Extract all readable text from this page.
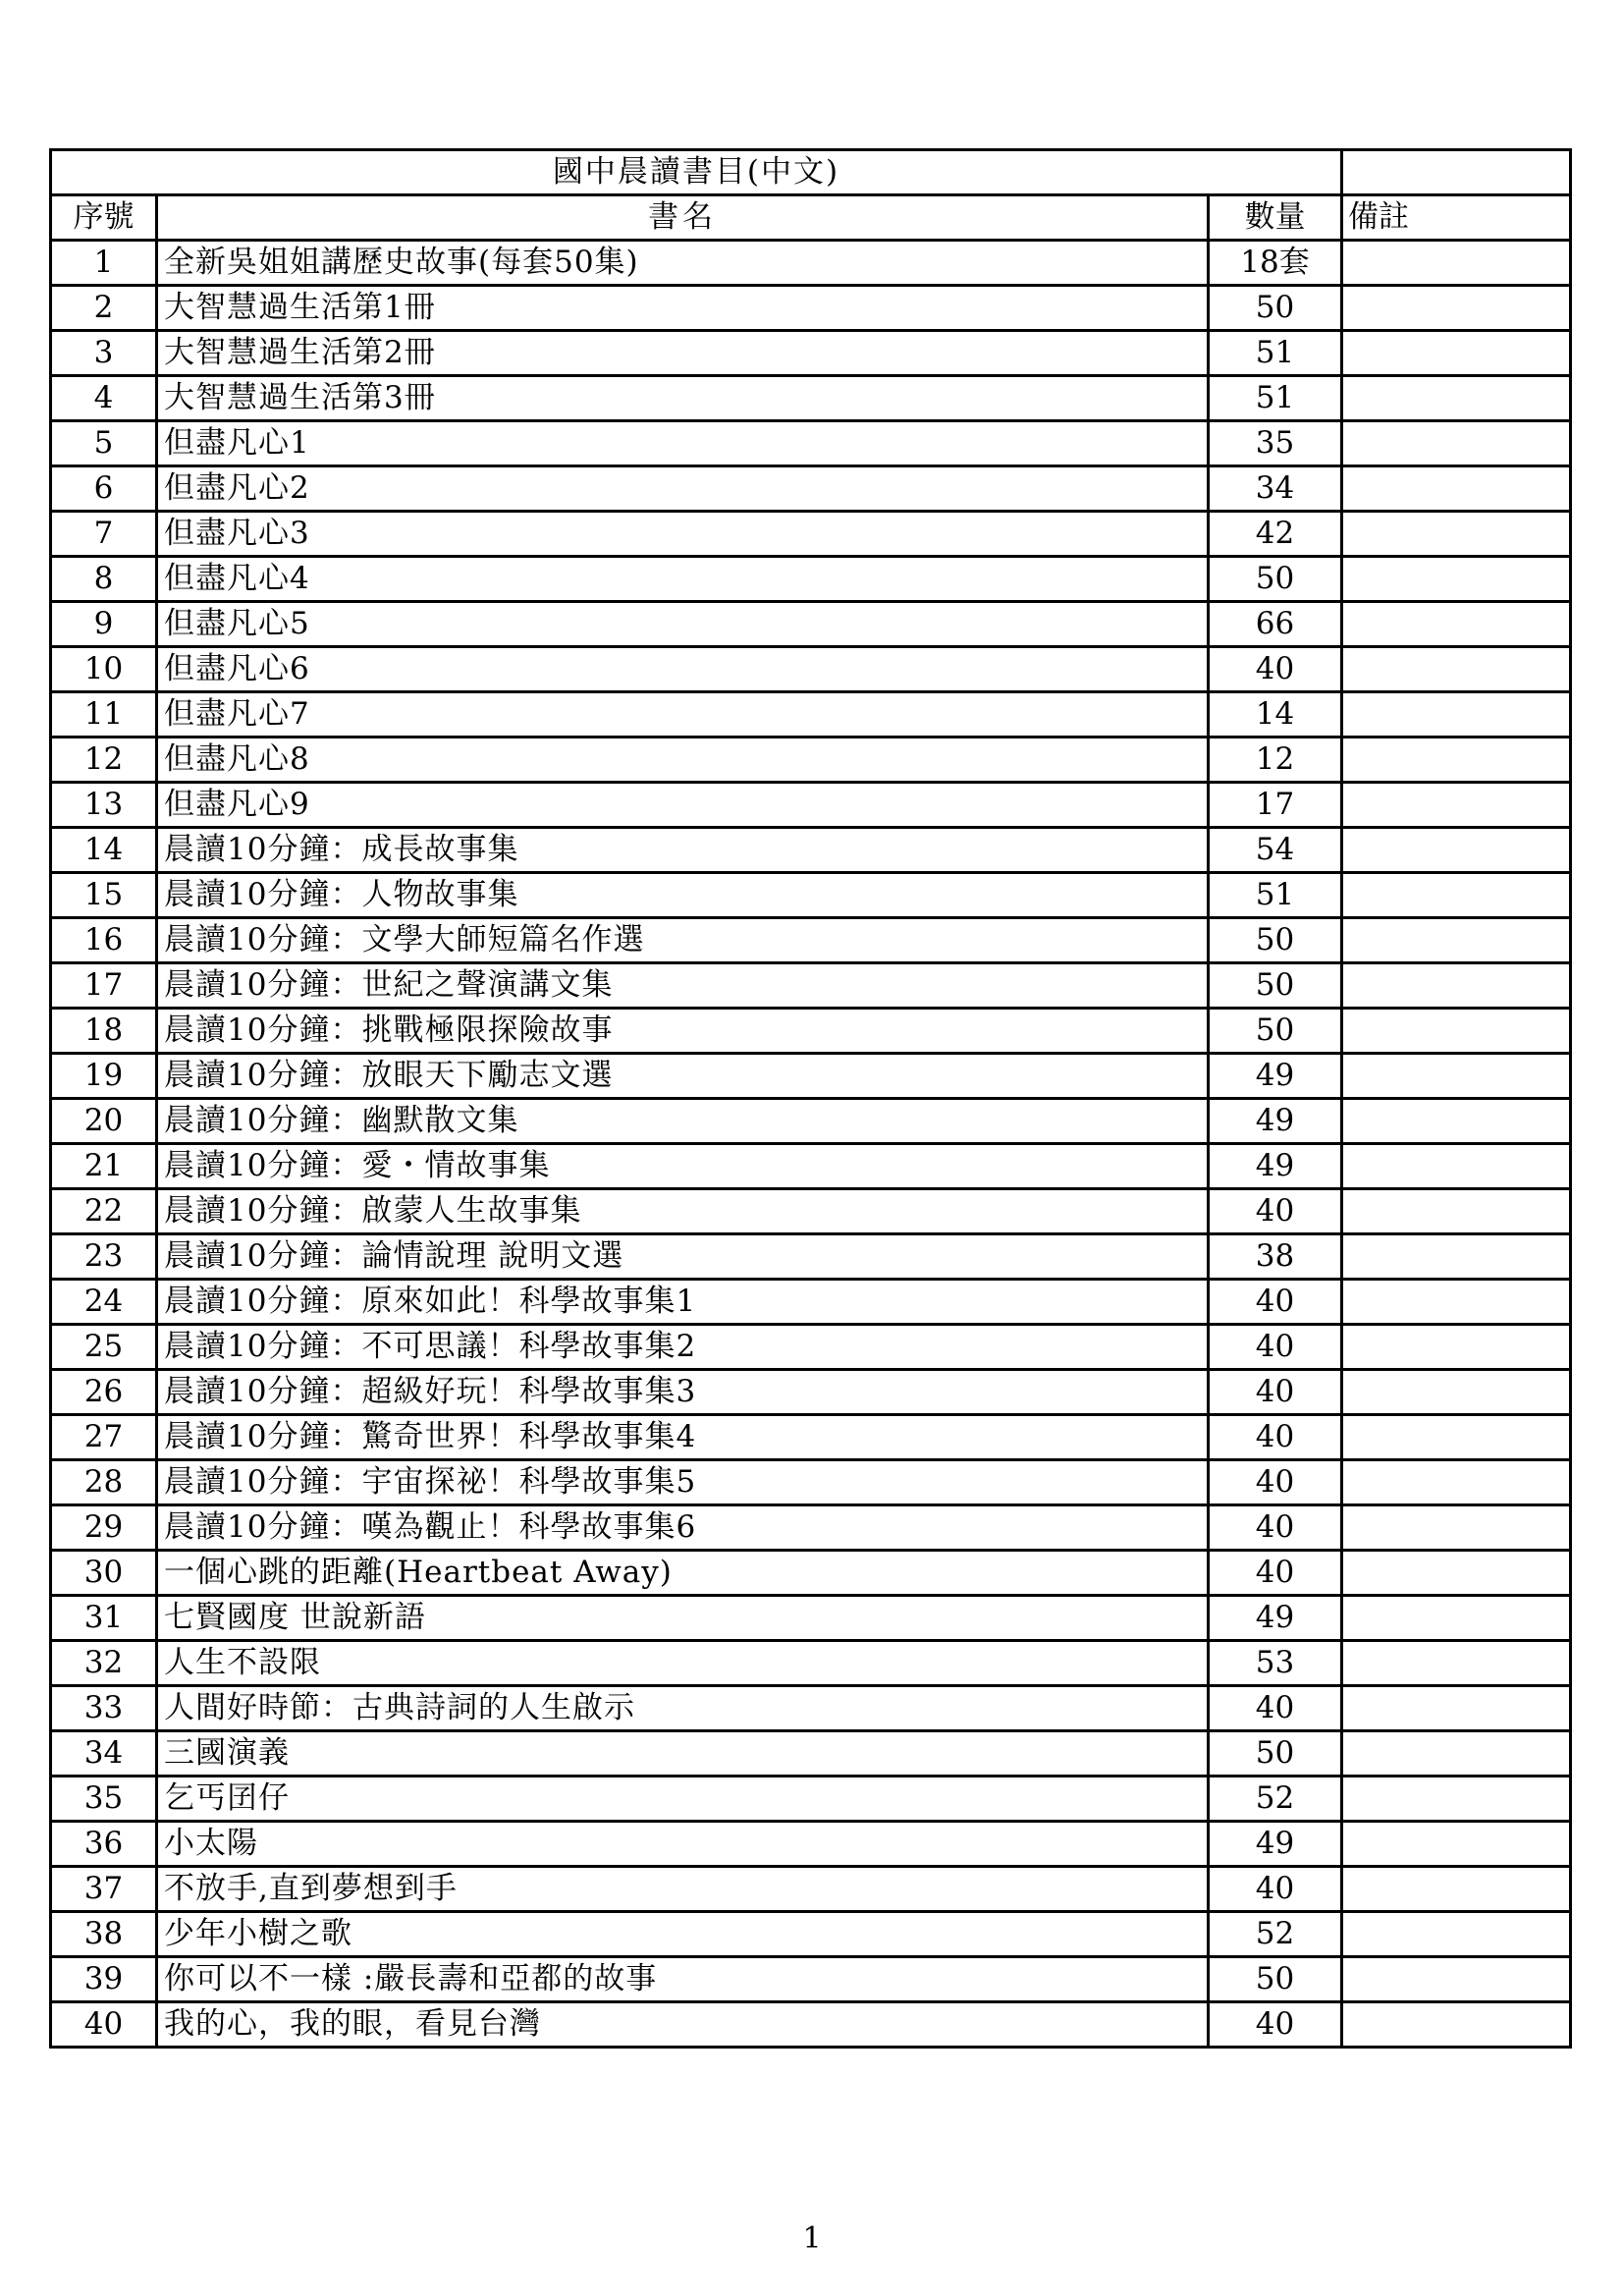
國中晨讀書目(中文)			
序號	書名	數量	備註
1	全新吳姐姐講歷史故事(每套50集)	18套	
2	大智慧過生活第1冊	50	
3	大智慧過生活第2冊	51	
4	大智慧過生活第3冊	51	
5	但盡凡心1	35	
6	但盡凡心2	34	
7	但盡凡心3	42	
8	但盡凡心4	50	
9	但盡凡心5	66	
10	但盡凡心6	40	
11	但盡凡心7	14	
12	但盡凡心8	12	
13	但盡凡心9	17	
14	晨讀10分鐘：成長故事集	54	
15	晨讀10分鐘：人物故事集	51	
16	晨讀10分鐘：文學大師短篇名作選	50	
17	晨讀10分鐘：世紀之聲演講文集	50	
18	晨讀10分鐘：挑戰極限探險故事	50	
19	晨讀10分鐘：放眼天下勵志文選	49	
20	晨讀10分鐘：幽默散文集	49	
21	晨讀10分鐘：愛・情故事集	49	
22	晨讀10分鐘：啟蒙人生故事集	40	
23	晨讀10分鐘：論情說理 說明文選	38	
24	晨讀10分鐘：原來如此！科學故事集1	40	
25	晨讀10分鐘：不可思議！科學故事集2	40	
26	晨讀10分鐘：超級好玩！科學故事集3	40	
27	晨讀10分鐘：驚奇世界！科學故事集4	40	
28	晨讀10分鐘：宇宙探祕！科學故事集5	40	
29	晨讀10分鐘：嘆為觀止！科學故事集6	40	
30	一個心跳的距離(Heartbeat Away)	40	
31	七賢國度 世說新語	49	
32	人生不設限	53	
33	人間好時節：古典詩詞的人生啟示	40	
34	三國演義	50	
35	乞丐囝仔	52	
36	小太陽	49	
37	不放手,直到夢想到手	40	
38	少年小樹之歌	52	
39	你可以不一樣 :嚴長壽和亞都的故事	50	
40	我的心，我的眼，看見台灣	40	
1
